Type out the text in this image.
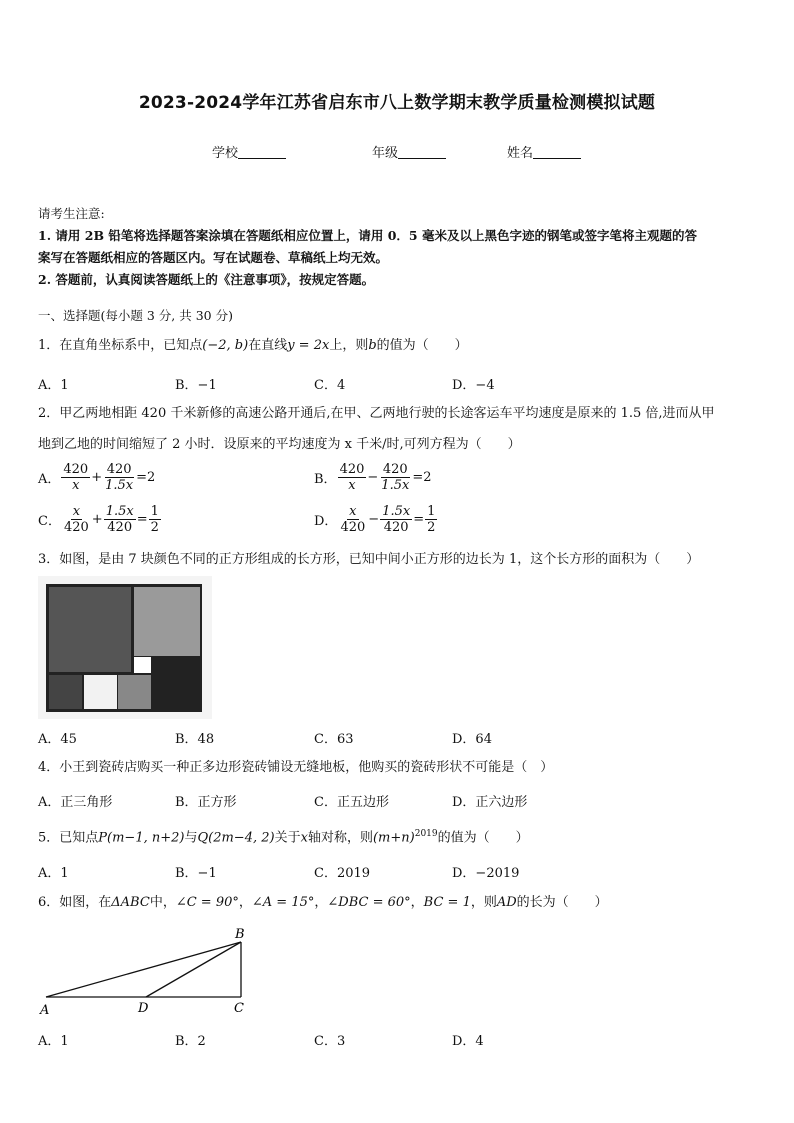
2023-2024学年江苏省启东市八上数学期末教学质量检测模拟试题
学校	年级	姓名
请考生注意:
1. 请用 2B 铅笔将选择题答案涂填在答题纸相应位置上，请用 0．5 毫米及以上黑色字迹的钢笔或签字笔将主观题的答
案写在答题纸相应的答题区内。写在试题卷、草稿纸上均无效。
2. 答题前，认真阅读答题纸上的《注意事项》，按规定答题。
一、选择题(每小题 3 分, 共 30 分)
1．在直角坐标系中，已知点(−2, b)在直线y = 2x上，则b的值为（　　）
A．1	B．−1	C．4	D．−4
2．甲乙两地相距 420 千米新修的高速公路开通后,在甲、乙两地行驶的长途客运车平均速度是原来的 1.5 倍,进而从甲
地到乙地的时间缩短了 2 小时．设原来的平均速度为 x 千米/时,可列方程为（　　）
A． $\frac{420}{x} + \frac{420}{1.5x} = 2$	B． $\frac{420}{x} - \frac{420}{1.5x} = 2$
C． $\frac{x}{420} + \frac{1.5x}{420} = \frac{1}{2}$	D． $\frac{x}{420} - \frac{1.5x}{420} = \frac{1}{2}$
3．如图，是由 7 块颜色不同的正方形组成的长方形，已知中间小正方形的边长为 1，这个长方形的面积为（　　）
A．45	B．48	C．63	D．64
4．小王到瓷砖店购买一种正多边形瓷砖铺设无缝地板，他购买的瓷砖形状不可能是（　）
A．正三角形	B．正方形	C．正五边形	D．正六边形
5．已知点P(m−1, n+2)与Q(2m−4, 2)关于x轴对称，则$(m+n)^{2019}$的值为（　　）
A．1	B．−1	C．2019	D．−2019
6．如图，在ΔABC中，∠C = 90°，∠A = 15°，∠DBC = 60°，BC = 1，则AD的长为（　　）
A
B
C
D
A．1	B．2	C．3	D．4
